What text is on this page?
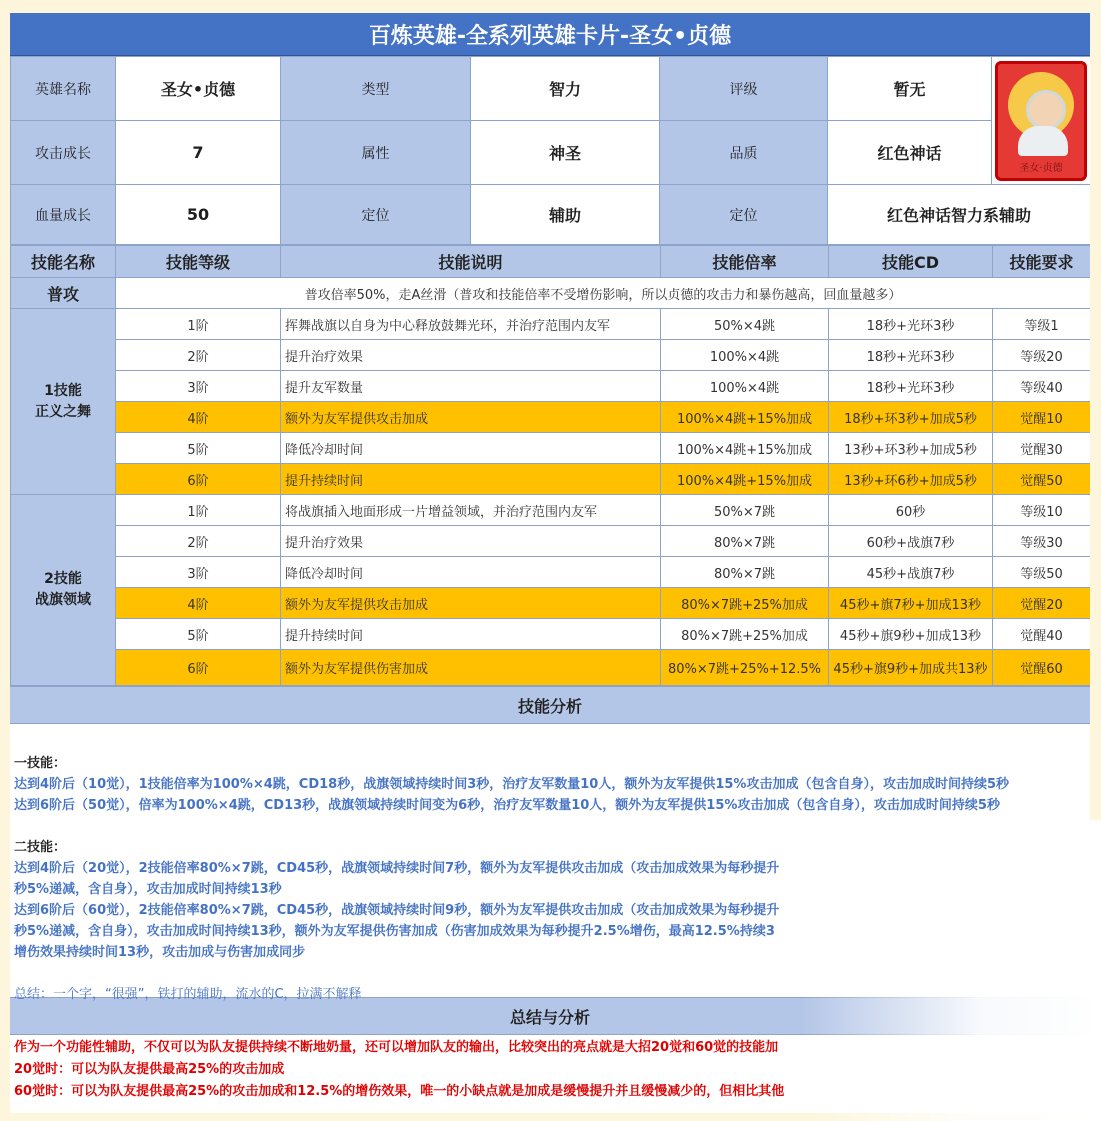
百炼英雄-全系列英雄卡片-圣女•贞德
英雄名称	圣女•贞德	类型	智力	评级	暂无	圣女·贞德

攻击成长	7	属性	神圣	品质	红色神话	
血量成长	50	定位	辅助	定位	红色神话智力系辅助	
技能名称	技能等级	技能说明	技能倍率	技能CD	技能要求
普攻	普攻倍率50%，走A丝滑（普攻和技能倍率不受增伤影响，所以贞德的攻击力和暴伤越高，回血量越多）				
1技能
正义之舞	1阶	挥舞战旗以自身为中心释放鼓舞光环，并治疗范围内友军	50%×4跳	18秒+光环3秒	等级1
	2阶	提升治疗效果	100%×4跳	18秒+光环3秒	等级20
	3阶	提升友军数量	100%×4跳	18秒+光环3秒	等级40
	4阶	额外为友军提供攻击加成	100%×4跳+15%加成	18秒+环3秒+加成5秒	觉醒10
	5阶	降低冷却时间	100%×4跳+15%加成	13秒+环3秒+加成5秒	觉醒30
	6阶	提升持续时间	100%×4跳+15%加成	13秒+环6秒+加成5秒	觉醒50
2技能
战旗领域	1阶	将战旗插入地面形成一片增益领域，并治疗范围内友军	50%×7跳	60秒	等级10
	2阶	提升治疗效果	80%×7跳	60秒+战旗7秒	等级30
	3阶	降低冷却时间	80%×7跳	45秒+战旗7秒	等级50
	4阶	额外为友军提供攻击加成	80%×7跳+25%加成	45秒+旗7秒+加成13秒	觉醒20
	5阶	提升持续时间	80%×7跳+25%加成	45秒+旗9秒+加成13秒	觉醒40
	6阶	额外为友军提供伤害加成	80%×7跳+25%+12.5%	45秒+旗9秒+加成共13秒	觉醒60
技能分析

一技能：

达到4阶后（10觉），1技能倍率为100%×4跳，CD18秒，战旗领域持续时间3秒，治疗友军数量10人，额外为友军提供15%攻击加成（包含自身），攻击加成时间持续5秒

达到6阶后（50觉），倍率为100%×4跳，CD13秒，战旗领域持续时间变为6秒，治疗友军数量10人，额外为友军提供15%攻击加成（包含自身），攻击加成时间持续5秒

二技能：

达到4阶后（20觉），2技能倍率80%×7跳，CD45秒，战旗领域持续时间7秒，额外为友军提供攻击加成（攻击加成效果为每秒提升

秒5%递减，含自身），攻击加成时间持续13秒

达到6阶后（60觉），2技能倍率80%×7跳，CD45秒，战旗领域持续时间9秒，额外为友军提供攻击加成（攻击加成效果为每秒提升

秒5%递减，含自身），攻击加成时间持续13秒，额外为友军提供伤害加成（伤害加成效果为每秒提升2.5%增伤，最高12.5%持续3

增伤效果持续时间13秒，攻击加成与伤害加成同步

总结：一个字，“很强”，铁打的辅助，流水的C，拉满不解释

总结与分析

作为一个功能性辅助，不仅可以为队友提供持续不断地奶量，还可以增加队友的输出，比较突出的亮点就是大招20觉和60觉的技能加

20觉时：可以为队友提供最高25%的攻击加成

60觉时：可以为队友提供最高25%的攻击加成和12.5%的增伤效果，唯一的小缺点就是加成是缓慢提升并且缓慢减少的，但相比其他
